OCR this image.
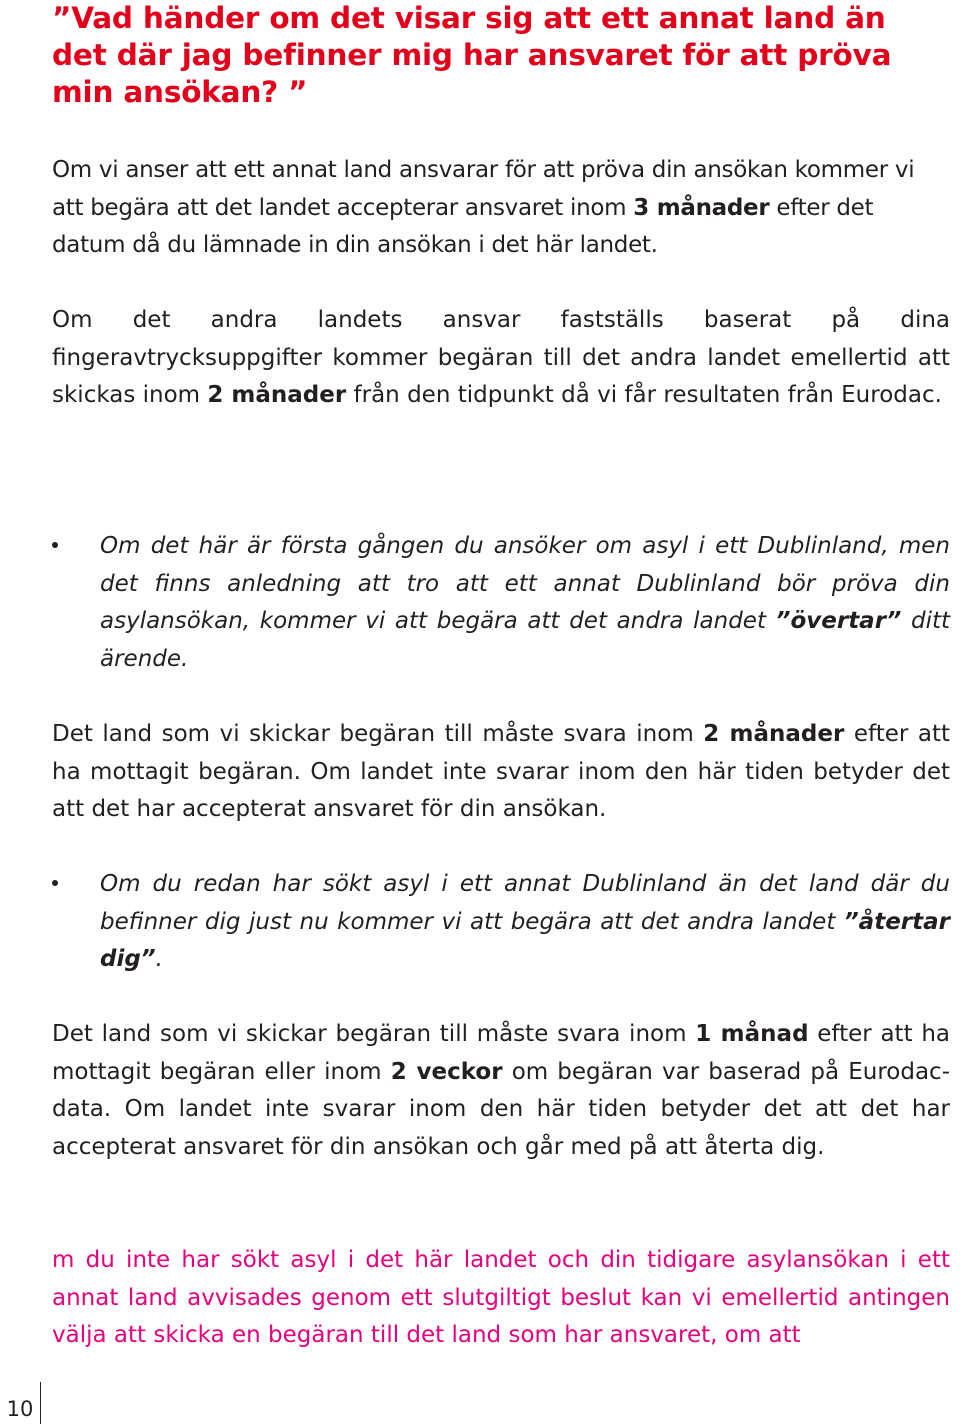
”Vad händer om det visar sig att ett annat land än det där jag befinner mig har ansvaret för att pröva min ansökan? ”

Om vi anser att ett annat land ansvarar för att pröva din ansökan kommer vi att begära att det landet accepterar ansvaret inom 3 månader efter det datum då du lämnade in din ansökan i det här landet.

Om det andra landets ansvar fastställs baserat på dina fingeravtrycksuppgifter kommer begäran till det andra landet emellertid att skickas inom 2 månader från den tidpunkt då vi får resultaten från Eurodac.

Om det här är första gången du ansöker om asyl i ett Dublinland, men det finns anledning att tro att ett annat Dublinland bör pröva din asylansökan, kommer vi att begära att det andra landet ”övertar” ditt ärende.

Det land som vi skickar begäran till måste svara inom 2 månader efter att ha mottagit begäran. Om landet inte svarar inom den här tiden betyder det att det har accepterat ansvaret för din ansökan.

Om du redan har sökt asyl i ett annat Dublinland än det land där du befinner dig just nu kommer vi att begära att det andra landet ”återtar dig”.

Det land som vi skickar begäran till måste svara inom 1 månad efter att ha mottagit begäran eller inom 2 veckor om begäran var baserad på Eurodac-data. Om landet inte svarar inom den här tiden betyder det att det har accepterat ansvaret för din ansökan och går med på att återta dig.

m du inte har sökt asyl i det här landet och din tidigare asylansökan i ett annat land avvisades genom ett slutgiltigt beslut kan vi emellertid antingen välja att skicka en begäran till det land som har ansvaret, om att

10
